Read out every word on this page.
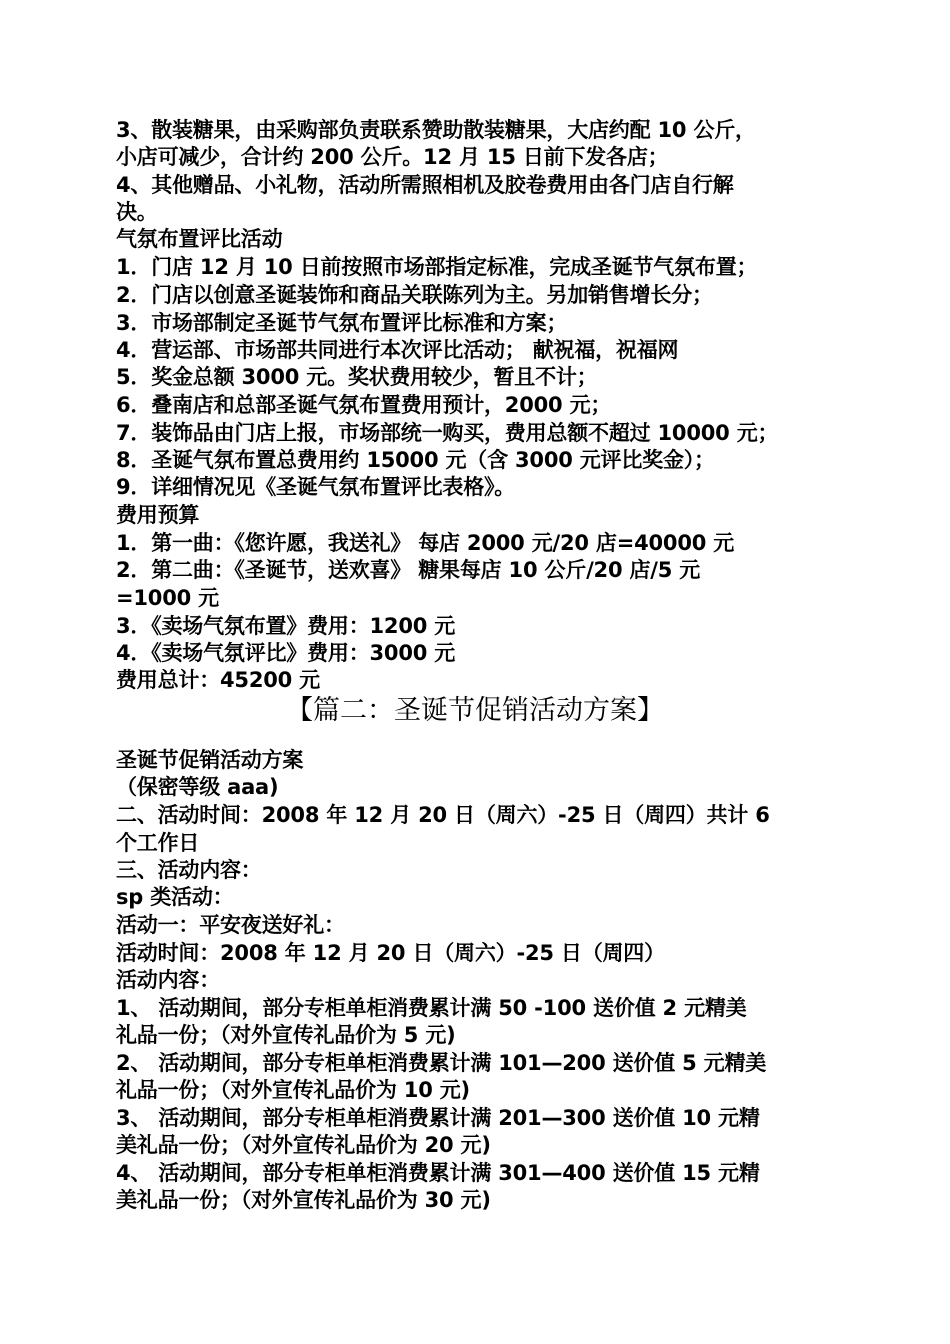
3、散装糖果，由采购部负责联系赞助散装糖果，大店约配 10 公斤，
小店可减少，合计约 200 公斤。12 月 15 日前下发各店；
4、其他赠品、小礼物，活动所需照相机及胶卷费用由各门店自行解
决。
气氛布置评比活动
1．门店 12 月 10 日前按照市场部指定标准，完成圣诞节气氛布置；
2．门店以创意圣诞装饰和商品关联陈列为主。另加销售增长分；
3．市场部制定圣诞节气氛布置评比标准和方案；
4．营运部、市场部共同进行本次评比活动； 献祝福，祝福网
5．奖金总额 3000 元。奖状费用较少，暂且不计；
6．叠南店和总部圣诞气氛布置费用预计，2000 元；
7．装饰品由门店上报，市场部统一购买，费用总额不超过 10000 元；
8．圣诞气氛布置总费用约 15000 元（含 3000 元评比奖金）；
9．详细情况见《圣诞气氛布置评比表格》。
费用预算
1．第一曲：《您许愿，我送礼》 每店 2000 元/20 店=40000 元
2．第二曲：《圣诞节，送欢喜》 糖果每店 10 公斤/20 店/5 元
=1000 元
3．《卖场气氛布置》费用：1200 元
4．《卖场气氛评比》费用：3000 元
费用总计：45200 元
【篇二：圣诞节促销活动方案】
圣诞节促销活动方案
（保密等级 aaa)
二、活动时间：2008 年 12 月 20 日（周六）-25 日（周四）共计 6
个工作日
三、活动内容：
sp 类活动：
活动一：平安夜送好礼：
活动时间：2008 年 12 月 20 日（周六）-25 日（周四）
活动内容：
1、 活动期间，部分专柜单柜消费累计满 50 -100 送价值 2 元精美
礼品一份；（对外宣传礼品价为 5 元)
2、 活动期间，部分专柜单柜消费累计满 101—200 送价值 5 元精美
礼品一份；（对外宣传礼品价为 10 元)
3、 活动期间，部分专柜单柜消费累计满 201—300 送价值 10 元精
美礼品一份；（对外宣传礼品价为 20 元)
4、 活动期间，部分专柜单柜消费累计满 301—400 送价值 15 元精
美礼品一份；（对外宣传礼品价为 30 元)
